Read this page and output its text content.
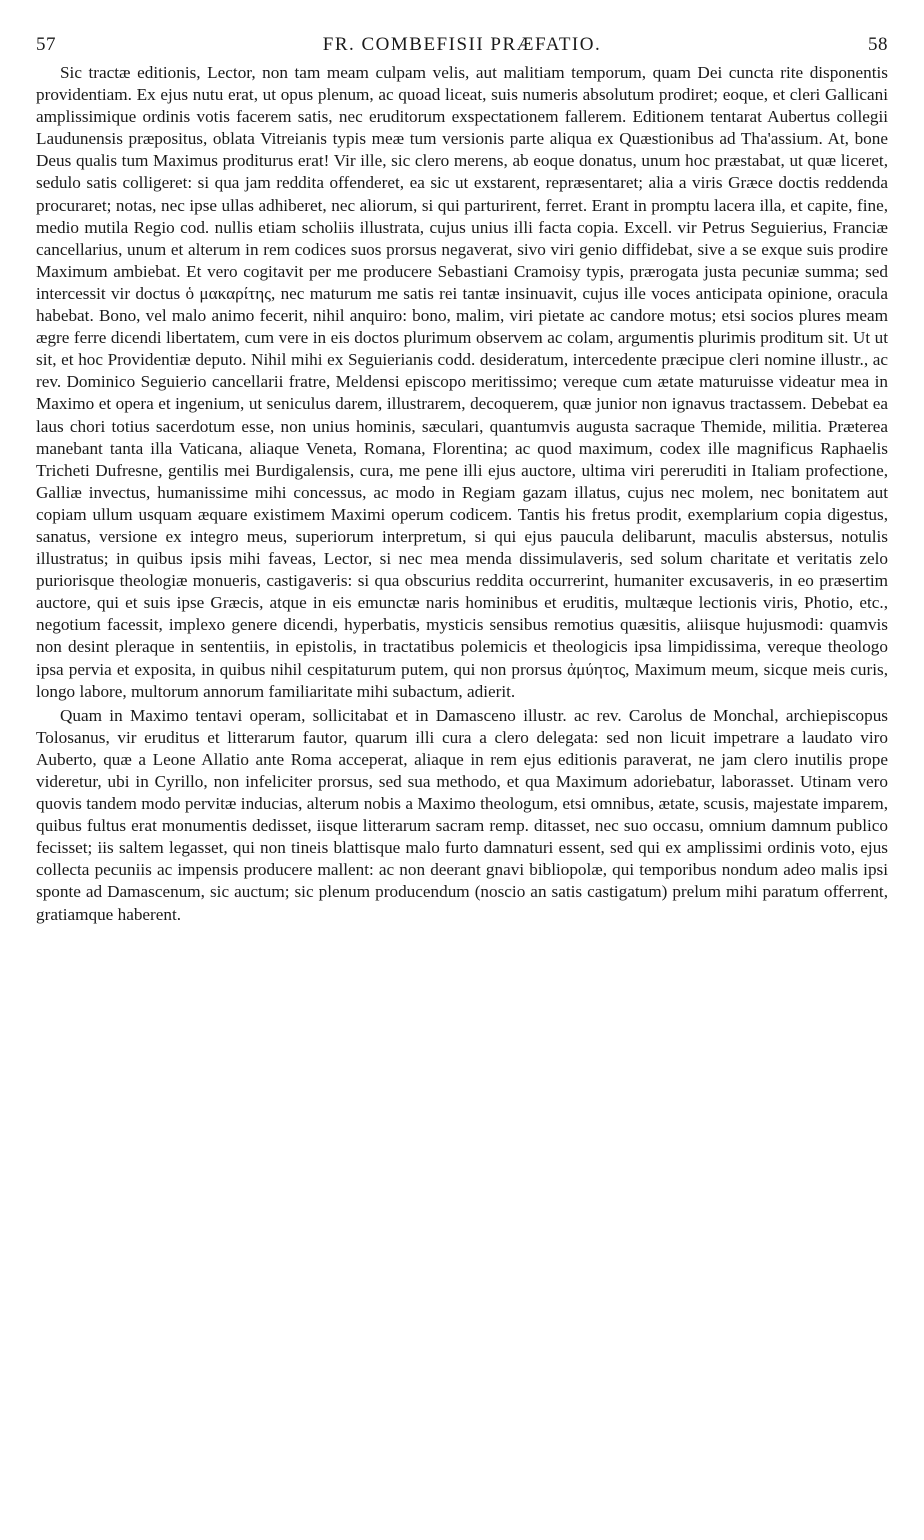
57	FR. COMBEFISII PRÆFATIO.	58

Sic tractæ editionis, Lector, non tam meam culpam velis, aut malitiam temporum, quam Dei cuncta rite disponentis providentiam. Ex ejus nutu erat, ut opus plenum, ac quoad liceat, suis numeris absolutum prodiret; eoque, et cleri Gallicani amplissimique ordinis votis facerem satis, nec eruditorum exspectationem fallerem. Editionem tentarat Aubertus collegii Laudunensis præpositus, oblata Vitreianis typis meæ tum versionis parte aliqua ex Quæstionibus ad Tha'assium. At, bone Deus qualis tum Maximus proditurus erat! Vir ille, sic clero merens, ab eoque donatus, unum hoc præstabat, ut quæ liceret, sedulo satis colligeret: si qua jam reddita offenderet, ea sic ut exstarent, repræsentaret; alia a viris Græce doctis reddenda procuraret; notas, nec ipse ullas adhiberet, nec aliorum, si qui parturirent, ferret. Erant in promptu lacera illa, et capite, fine, medio mutila Regio cod. nullis etiam scholiis illustrata, cujus unius illi facta copia. Excell. vir Petrus Seguierius, Franciæ cancellarius, unum et alterum in rem codices suos prorsus negaverat, sivo viri genio diffidebat, sive a se exque suis prodire Maximum ambiebat. Et vero cogitavit per me producere Sebastiani Cramoisy typis, prærogata justa pecuniæ summa; sed intercessit vir doctus ὁ μακαρίτης, nec maturum me satis rei tantæ insinuavit, cujus ille voces anticipata opinione, oracula habebat. Bono, vel malo animo fecerit, nihil anquiro: bono, malim, viri pietate ac candore motus; etsi socios plures meam ægre ferre dicendi libertatem, cum vere in eis doctos plurimum observem ac colam, argumentis plurimis proditum sit. Ut ut sit, et hoc Providentiæ deputo. Nihil mihi ex Seguierianis codd. desideratum, intercedente præcipue cleri nomine illustr., ac rev. Dominico Seguierio cancellarii fratre, Meldensi episcopo meritissimo; vereque cum ætate maturuisse videatur mea in Maximo et opera et ingenium, ut seniculus darem, illustrarem, decoquerem, quæ junior non ignavus tractassem. Debebat ea laus chori totius sacerdotum esse, non unius hominis, sæculari, quantumvis augusta sacraque Themide, militia. Præterea manebant tanta illa Vaticana, aliaque Veneta, Romana, Florentina; ac quod maximum, codex ille magnificus Raphaelis Tricheti Dufresne, gentilis mei Burdigalensis, cura, me pene illi ejus auctore, ultima viri pereruditi in Italiam profectione, Galliæ invectus, humanissime mihi concessus, ac modo in Regiam gazam illatus, cujus nec molem, nec bonitatem aut copiam ullum usquam æquare existimem Maximi operum codicem. Tantis his fretus prodit, exemplarium copia digestus, sanatus, versione ex integro meus, superiorum interpretum, si qui ejus paucula delibarunt, maculis abstersus, notulis illustratus; in quibus ipsis mihi faveas, Lector, si nec mea menda dissimulaveris, sed solum charitate et veritatis zelo puriorisque theologiæ monueris, castigaveris: si qua obscurius reddita occurrerint, humaniter excusaveris, in eo præsertim auctore, qui et suis ipse Græcis, atque in eis emunctæ naris hominibus et eruditis, multæque lectionis viris, Photio, etc., negotium facessit, implexo genere dicendi, hyperbatis, mysticis sensibus remotius quæsitis, aliisque hujusmodi: quamvis non desint pleraque in sententiis, in epistolis, in tractatibus polemicis et theologicis ipsa limpidissima, vereque theologo ipsa pervia et exposita, in quibus nihil cespitaturum putem, qui non prorsus ἀμύητος, Maximum meum, sicque meis curis, longo labore, multorum annorum familiaritate mihi subactum, adierit.

Quam in Maximo tentavi operam, sollicitabat et in Damasceno illustr. ac rev. Carolus de Monchal, archiepiscopus Tolosanus, vir eruditus et litterarum fautor, quarum illi cura a clero delegata: sed non licuit impetrare a laudato viro Auberto, quæ a Leone Allatio ante Roma acceperat, aliaque in rem ejus editionis paraverat, ne jam clero inutilis prope videretur, ubi in Cyrillo, non infeliciter prorsus, sed sua methodo, et qua Maximum adoriebatur, laborasset. Utinam vero quovis tandem modo pervitæ inducias, alterum nobis a Maximo theologum, etsi omnibus, ætate, scusis, majestate imparem, quibus fultus erat monumentis dedisset, iisque litterarum sacram remp. ditasset, nec suo occasu, omnium damnum publico fecisset; iis saltem legasset, qui non tineis blattisque malo furto damnaturi essent, sed qui ex amplissimi ordinis voto, ejus collecta pecuniis ac impensis producere mallent: ac non deerant gnavi bibliopolæ, qui temporibus nondum adeo malis ipsi sponte ad Damascenum, sic auctum; sic plenum producendum (noscio an satis castigatum) prelum mihi paratum offerrent, gratiamque haberent.
